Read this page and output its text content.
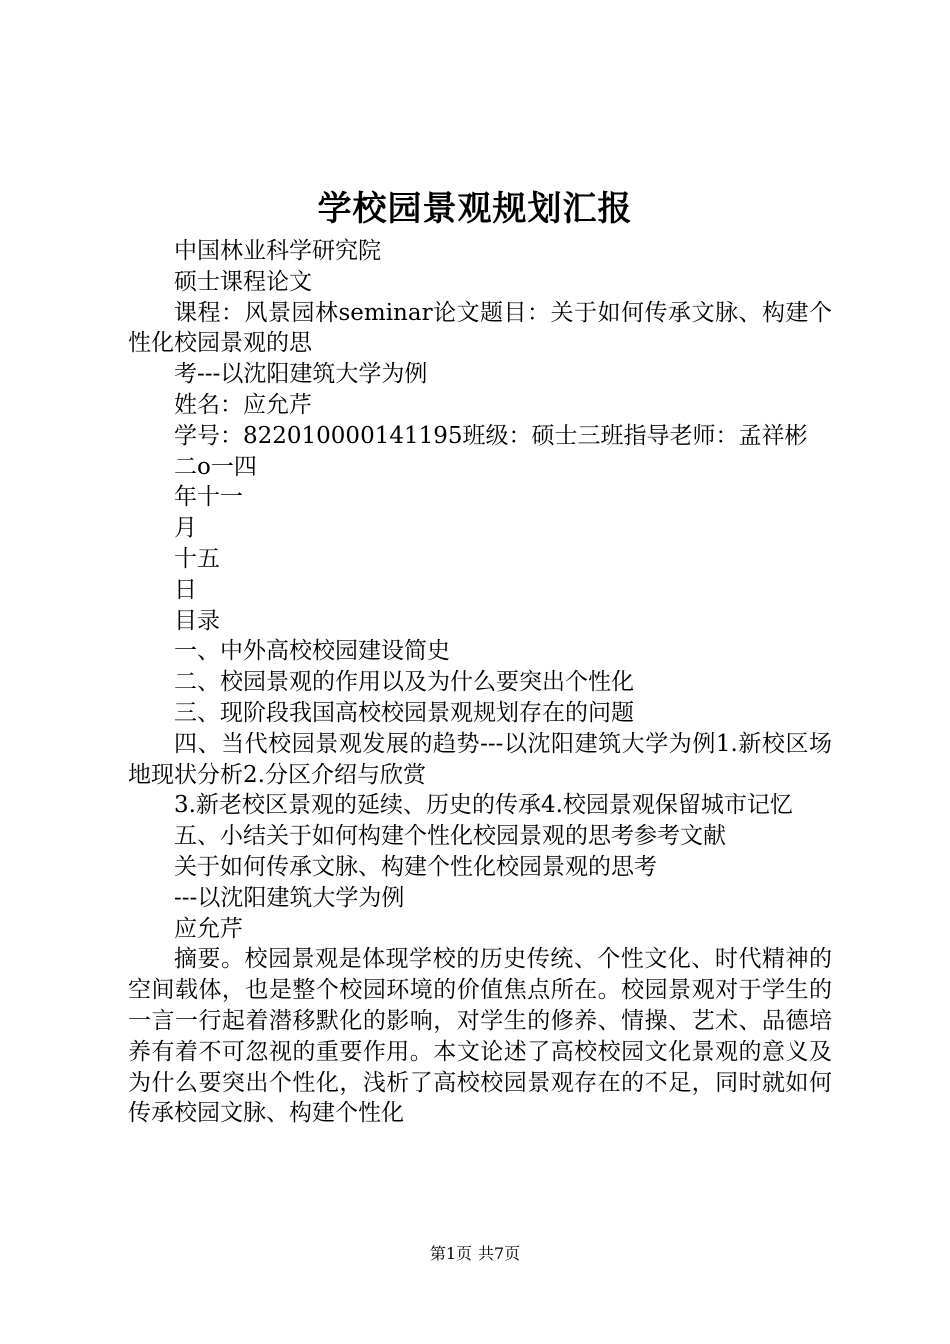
学校园景观规划汇报

中国林业科学研究院

硕士课程论文

课程：风景园林seminar论文题目：关于如何传承文脉、构建个性化校园景观的思

考---以沈阳建筑大学为例

姓名：应允芹

学号：822010000141195班级：硕士三班指导老师：孟祥彬

二o一四

年十一

月

十五

日

目录

一、中外高校校园建设简史

二、校园景观的作用以及为什么要突出个性化

三、现阶段我国高校校园景观规划存在的问题

四、当代校园景观发展的趋势---以沈阳建筑大学为例1.新校区场地现状分析2.分区介绍与欣赏

3.新老校区景观的延续、历史的传承4.校园景观保留城市记忆

五、小结关于如何构建个性化校园景观的思考参考文献

关于如何传承文脉、构建个性化校园景观的思考

---以沈阳建筑大学为例

应允芹

摘要。校园景观是体现学校的历史传统、个性文化、时代精神的空间载体，也是整个校园环境的价值焦点所在。校园景观对于学生的一言一行起着潜移默化的影响，对学生的修养、情操、艺术、品德培养有着不可忽视的重要作用。本文论述了高校校园文化景观的意义及为什么要突出个性化，浅析了高校校园景观存在的不足，同时就如何传承校园文脉、构建个性化

第1页 共7页
